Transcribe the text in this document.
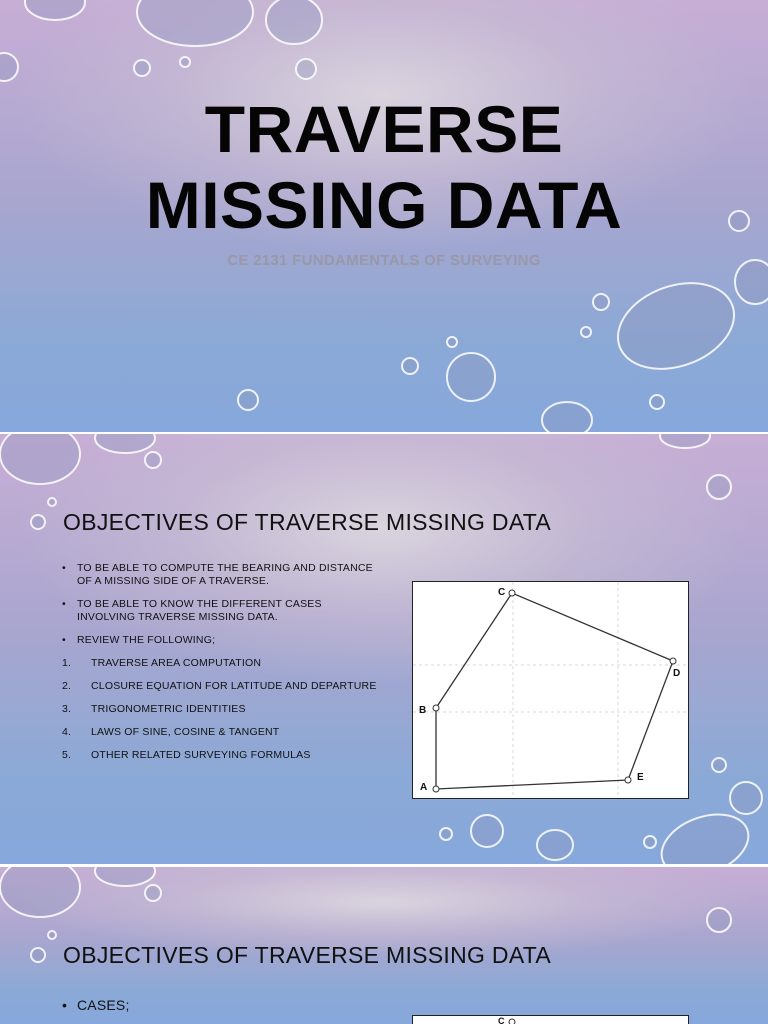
TRAVERSE
MISSING DATA
CE 2131 FUNDAMENTALS OF SURVEYING
OBJECTIVES OF TRAVERSE MISSING DATA
•	TO BE ABLE TO COMPUTE THE BEARING AND DISTANCE OF A MISSING SIDE OF A TRAVERSE.
•	TO BE ABLE TO KNOW THE DIFFERENT CASES INVOLVING TRAVERSE MISSING DATA.
•	REVIEW THE FOLLOWING;
1.	TRAVERSE AREA COMPUTATION
2.	CLOSURE EQUATION FOR LATITUDE AND DEPARTURE
3.	TRIGONOMETRIC IDENTITIES
4.	LAWS OF SINE, COSINE & TANGENT
5.	OTHER RELATED SURVEYING FORMULAS
A
B
C
D
E
OBJECTIVES OF TRAVERSE MISSING DATA
• CASES;
C
